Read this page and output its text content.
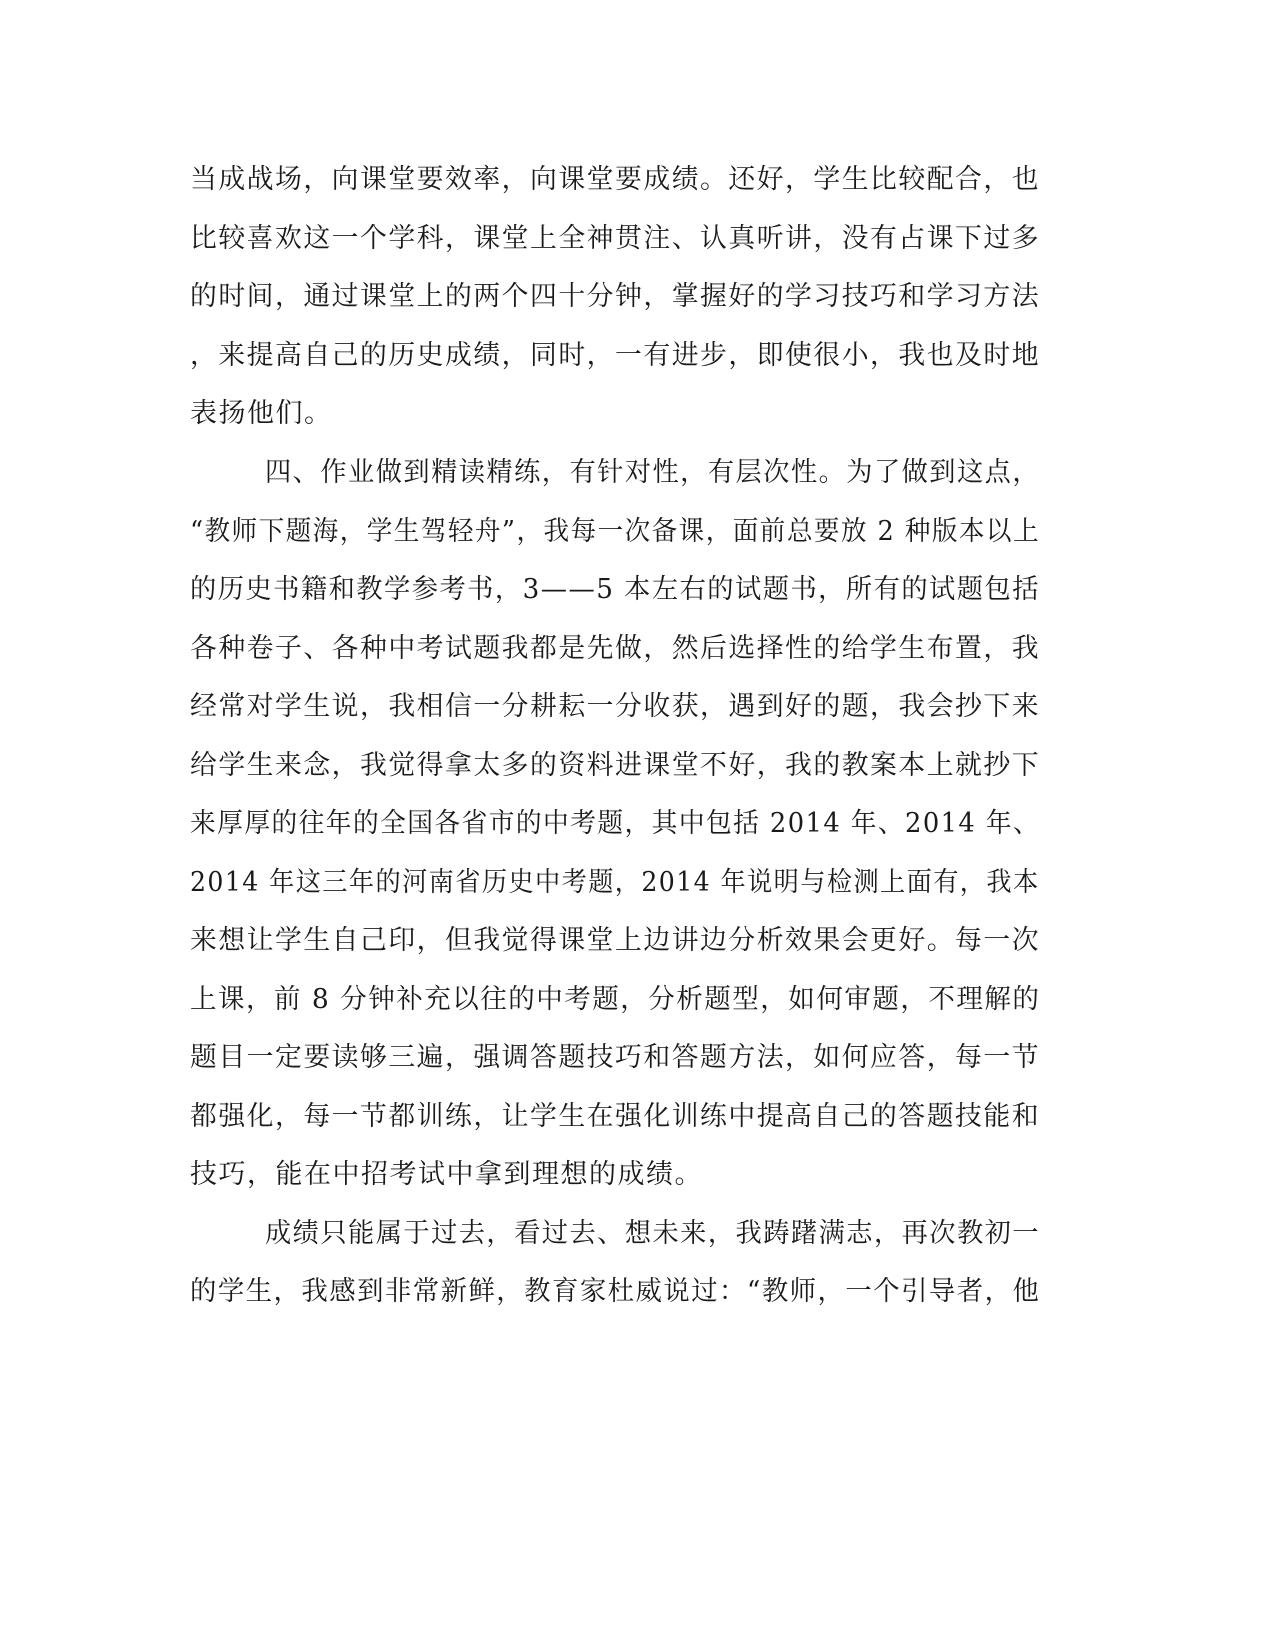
当成战场，向课堂要效率，向课堂要成绩。还好，学生比较配合，也

比较喜欢这一个学科，课堂上全神贯注、认真听讲，没有占课下过多

的时间，通过课堂上的两个四十分钟，掌握好的学习技巧和学习方法

，来提高自己的历史成绩，同时，一有进步，即使很小，我也及时地

表扬他们。

四、作业做到精读精练，有针对性，有层次性。为了做到这点，

“教师下题海，学生驾轻舟”，我每一次备课，面前总要放 2 种版本以上

的历史书籍和教学参考书，3——5 本左右的试题书，所有的试题包括

各种卷子、各种中考试题我都是先做，然后选择性的给学生布置，我

经常对学生说，我相信一分耕耘一分收获，遇到好的题，我会抄下来

给学生来念，我觉得拿太多的资料进课堂不好，我的教案本上就抄下

来厚厚的往年的全国各省市的中考题，其中包括 2014 年、2014 年、

2014 年这三年的河南省历史中考题，2014 年说明与检测上面有，我本

来想让学生自己印，但我觉得课堂上边讲边分析效果会更好。每一次

上课，前 8 分钟补充以往的中考题，分析题型，如何审题，不理解的

题目一定要读够三遍，强调答题技巧和答题方法，如何应答，每一节

都强化，每一节都训练，让学生在强化训练中提高自己的答题技能和

技巧，能在中招考试中拿到理想的成绩。

成绩只能属于过去，看过去、想未来，我踌躇满志，再次教初一

的学生，我感到非常新鲜，教育家杜威说过：“教师，一个引导者，他
